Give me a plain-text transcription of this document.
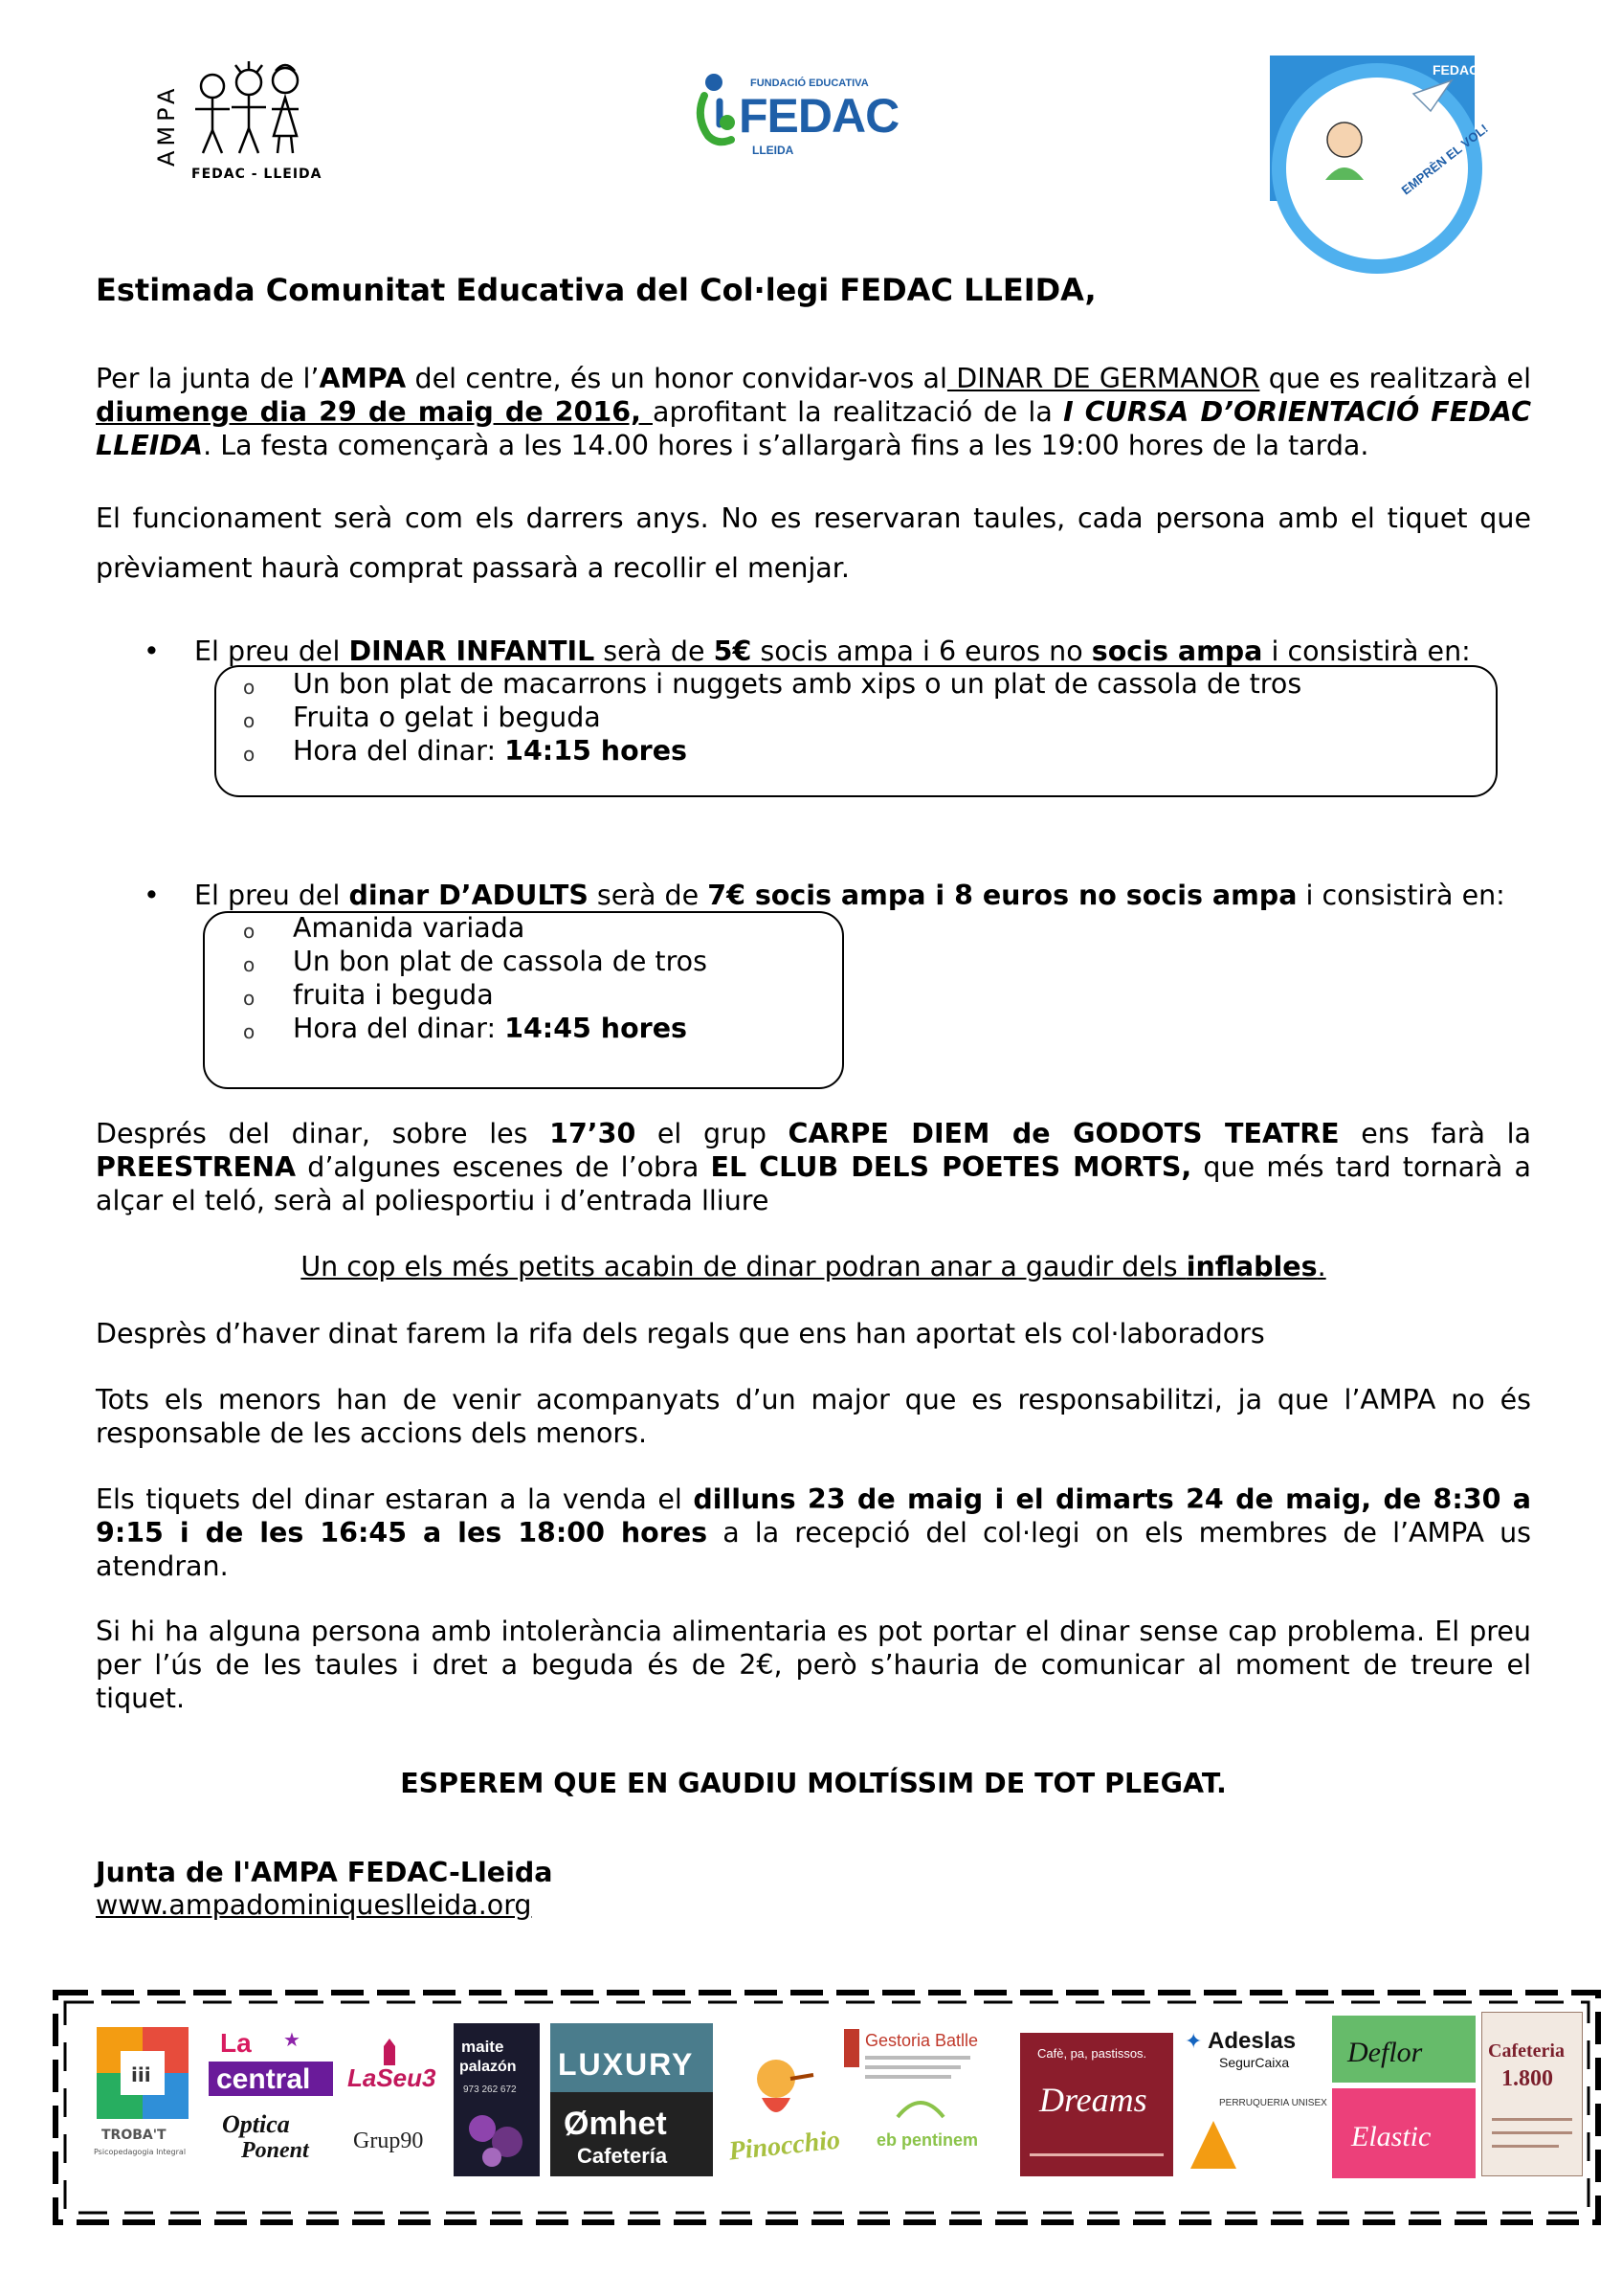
AMPA
FEDAC - LLEIDA
FUNDACIÓ EDUCATIVA
FEDAC
LLEIDA
FEDAC
EMPRÈN EL VOL!
Estimada Comunitat Educativa del Col·legi FEDAC LLEIDA,
Per la junta de l’AMPA del centre, és un honor convidar-vos al DINAR DE GERMANOR que es realitzarà el diumenge dia 29 de maig de 2016, aprofitant la realització de la I CURSA D’ORIENTACIÓ FEDAC LLEIDA. La festa començarà a les 14.00 hores i s’allargarà fins a les 19:00 hores de la tarda.
El funcionament serà com els darrers anys. No es reservaran taules, cada persona amb el tiquet que prèviament haurà comprat passarà a recollir el menjar.
• El preu del DINAR INFANTIL serà de 5€ socis ampa i 6 euros no socis ampa i consistirà en:
o Un bon plat de macarrons i nuggets amb xips o un plat de cassola de tros
o Fruita o gelat i beguda
o Hora del dinar: 14:15 hores
• El preu del dinar D’ADULTS serà de 7€ socis ampa i 8 euros no socis ampa i consistirà en:
o Amanida variada
o Un bon plat de cassola de tros
o fruita i beguda
o Hora del dinar: 14:45 hores
Després del dinar, sobre les 17’30 el grup CARPE DIEM de GODOTS TEATRE ens farà la PREESTRENA d’algunes escenes de l’obra EL CLUB DELS POETES MORTS, que més tard tornarà a alçar el teló, serà al poliesportiu i d’entrada lliure
Un cop els més petits acabin de dinar podran anar a gaudir dels inflables.
Desprès d’haver dinat farem la rifa dels regals que ens han aportat els col·laboradors
Tots els menors han de venir acompanyats d’un major que es responsabilitzi, ja que l’AMPA no és responsable de les accions dels menors.
Els tiquets del dinar estaran a la venda el dilluns 23 de maig i el dimarts 24 de maig, de 8:30 a 9:15 i de les 16:45 a les 18:00 hores a la recepció del col·legi on els membres de l’AMPA us atendran.
Si hi ha alguna persona amb intolerància alimentaria es pot portar el dinar sense cap problema. El preu per l’ús de les taules i dret a beguda és de 2€, però s’hauria de comunicar al moment de treure el tiquet.
ESPEREM QUE EN GAUDIU MOLTÍSSIM DE TOT PLEGAT.
Junta de l'AMPA FEDAC-Lleida
www.ampadominiqueslleida.org
iii
TROBA'T
Psicopedagogia Integral
La ★
central
Optica
Ponent
LaSeu3
Grup90
maite
palazón
973 262 672
LUXURY
Ømhet
Cafetería Pinocchio
Gestoria Batlle
eb pentinem
Cafè, pa, pastissos.
Dreams
✦ Adeslas
SegurCaixa
PERRUQUERIA UNISEX
Deflor
Elastic
Cafeteria
1.800
